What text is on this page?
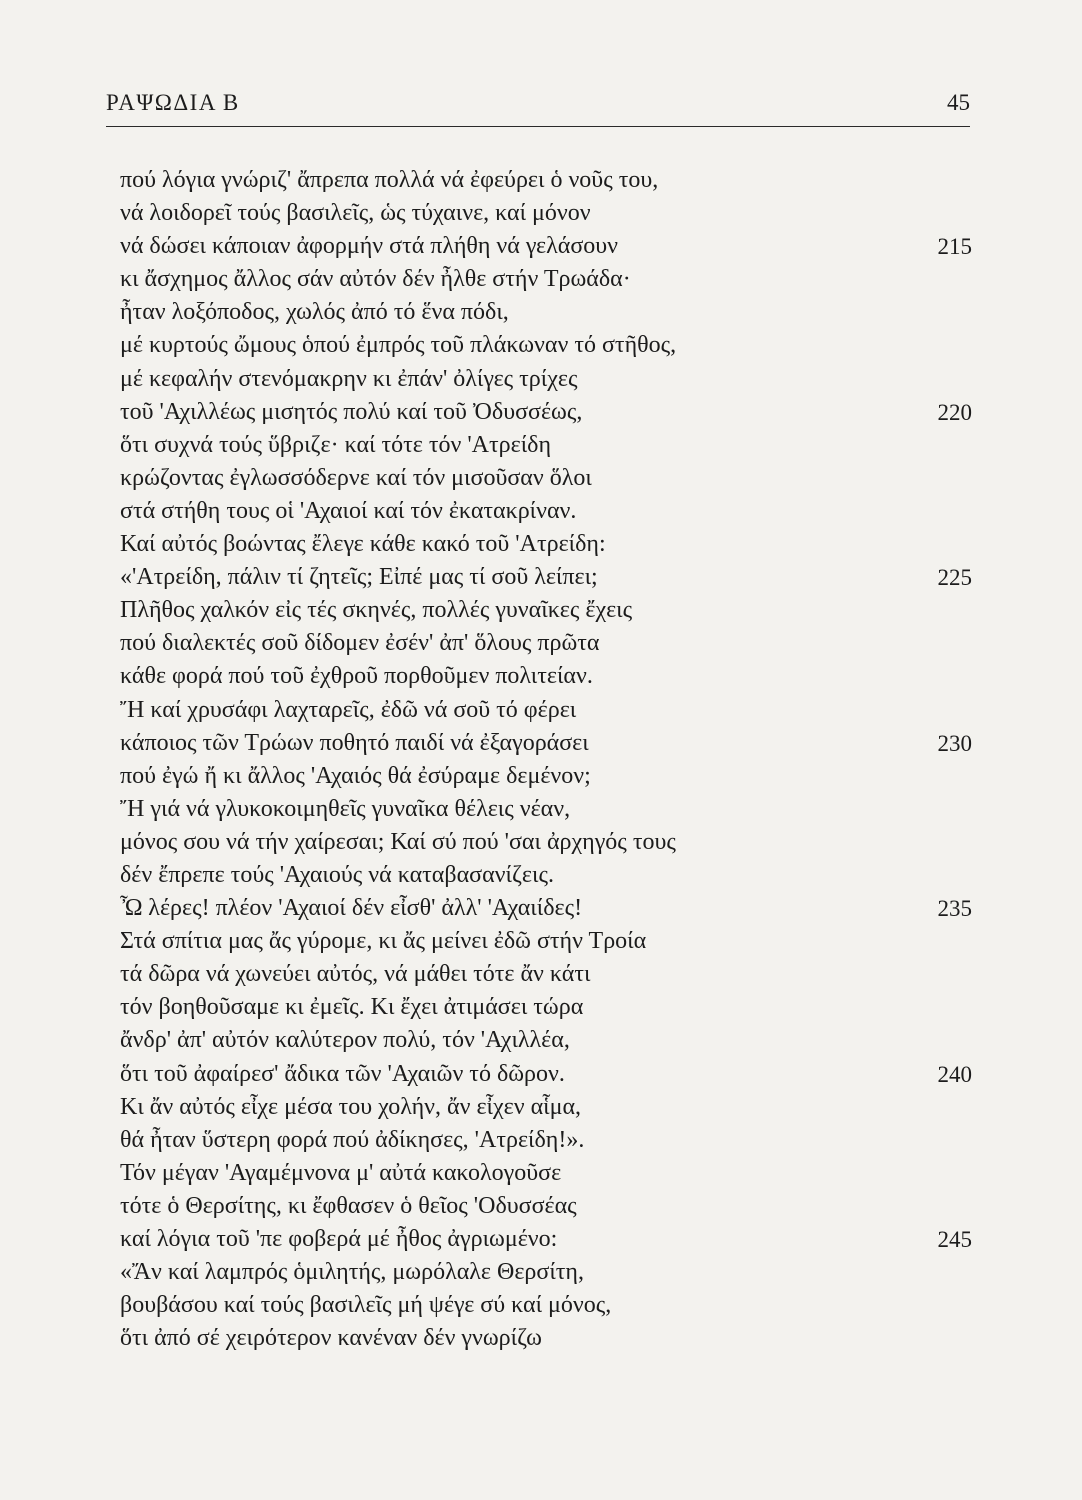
ΡΑΨΩΔΙΑ Β	45
πού λόγια γνώριζ' ἄπρεπα πολλά νά ἐφεύρει ὁ νοῦς του,
νά λοιδορεῖ τούς βασιλεῖς, ὡς τύχαινε, καί μόνον
νά δώσει κάποιαν ἀφορμήν στά πλήθη νά γελάσουν	215
κι ἄσχημος ἄλλος σάν αὐτόν δέν ἦλθε στήν Τρωάδα·
ἦταν λοξόποδος, χωλός ἀπό τό ἕνα πόδι,
μέ κυρτούς ὤμους ὁπού ἐμπρός τοῦ πλάκωναν τό στῆθος,
μέ κεφαλήν στενόμακρην κι ἐπάν' ὀλίγες τρίχες
τοῦ 'Αχιλλέως μισητός πολύ καί τοῦ Ὀδυσσέως,	220
ὅτι συχνά τούς ὕβριζε· καί τότε τόν 'Ατρείδη
κρώζοντας ἐγλωσσόδερνε καί τόν μισοῦσαν ὅλοι
στά στήθη τους οἱ 'Αχαιοί καί τόν ἐκατακρίναν.
Καί αὐτός βοώντας ἔλεγε κάθε κακό τοῦ 'Ατρείδη:
«'Ατρείδη, πάλιν τί ζητεῖς; Εἰπέ μας τί σοῦ λείπει;	225
Πλῆθος χαλκόν εἰς τές σκηνές, πολλές γυναῖκες ἔχεις
πού διαλεκτές σοῦ δίδομεν ἐσέν' ἀπ' ὅλους πρῶτα
κάθε φορά πού τοῦ ἐχθροῦ πορθοῦμεν πολιτείαν.
Ἤ καί χρυσάφι λαχταρεῖς, ἐδῶ νά σοῦ τό φέρει
κάποιος τῶν Τρώων ποθητό παιδί νά ἐξαγοράσει	230
πού ἐγώ ἤ κι ἄλλος 'Αχαιός θά ἐσύραμε δεμένον;
Ἤ γιά νά γλυκοκοιμηθεῖς γυναῖκα θέλεις νέαν,
μόνος σου νά τήν χαίρεσαι; Καί σύ πού 'σαι ἀρχηγός τους
δέν ἔπρεπε τούς 'Αχαιούς νά καταβασανίζεις.
Ὦ λέρες! πλέον 'Αχαιοί δέν εἶσθ' ἀλλ' 'Αχαιίδες!	235
Στά σπίτια μας ἄς γύρομε, κι ἄς μείνει ἐδῶ στήν Τροία
τά δῶρα νά χωνεύει αὐτός, νά μάθει τότε ἄν κάτι
τόν βοηθοῦσαμε κι ἐμεῖς. Κι ἔχει ἀτιμάσει τώρα
ἄνδρ' ἀπ' αὐτόν καλύτερον πολύ, τόν 'Αχιλλέα,
ὅτι τοῦ ἀφαίρεσ' ἄδικα τῶν 'Αχαιῶν τό δῶρον.	240
Κι ἄν αὐτός εἶχε μέσα του χολήν, ἄν εἶχεν αἷμα,
θά ἦταν ὕστερη φορά πού ἀδίκησες, 'Ατρείδη!».
Τόν μέγαν 'Αγαμέμνονα μ' αὐτά κακολογοῦσε
τότε ὁ Θερσίτης, κι ἔφθασεν ὁ θεῖος 'Οδυσσέας
καί λόγια τοῦ 'πε φοβερά μέ ἦθος ἀγριωμένο:	245
«Ἄν καί λαμπρός ὁμιλητής, μωρόλαλε Θερσίτη,
βουβάσου καί τούς βασιλεῖς μή ψέγε σύ καί μόνος,
ὅτι ἀπό σέ χειρότερον κανέναν δέν γνωρίζω
